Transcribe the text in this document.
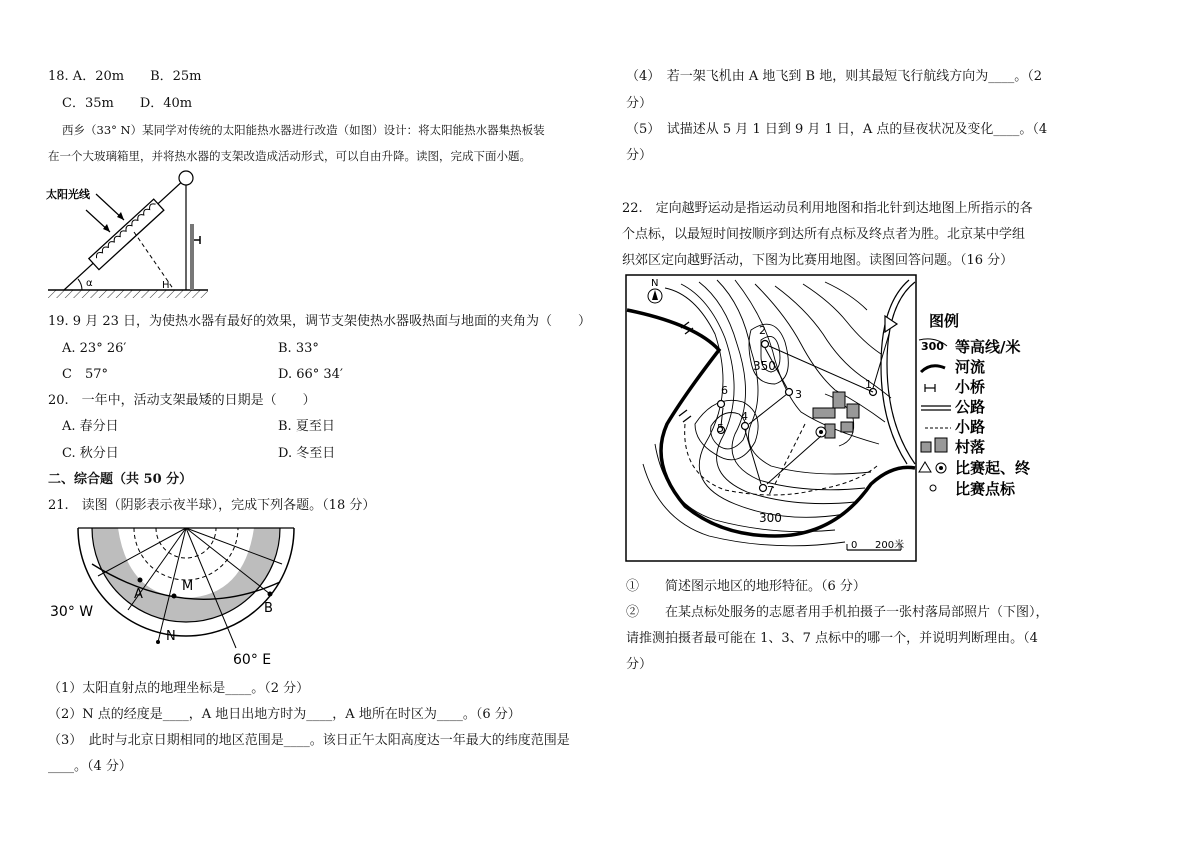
18. A．20m　　B．25m
C．35m　　D．40m
西乡（33° N）某同学对传统的太阳能热水器进行改造（如图）设计：将太阳能热水器集热板装
在一个大玻璃箱里，并将热水器的支架改造成活动形式，可以自由升降。读图，完成下面小题。
太阳光线
α	H
19. 9 月 23 日，为使热水器有最好的效果，调节支架使热水器吸热面与地面的夹角为（　　）
A. 23° 26′	B. 33°
C　57°	D. 66° 34′
20.　一年中，活动支架最矮的日期是（　　）
A. 春分日	B. 夏至日
C. 秋分日	D. 冬至日
二、综合题（共 50 分）
21.　读图（阴影表示夜半球），完成下列各题。（18 分）
30° W
60° E
A
M
B
N
（1）太阳直射点的地理坐标是____。（2 分）
（2）N 点的经度是____，A 地日出地方时为____，A 地所在时区为____。（6 分）
（3）　此时与北京日期相同的地区范围是____。该日正午太阳高度达一年最大的纬度范围是
____。（4 分）
（4）　若一架飞机由 A 地飞到 B 地，则其最短飞行航线方向为____。（2
分）
（5）　试描述从 5 月 1 日到 9 月 1 日，A 点的昼夜状况及变化____。（4
分）
22.　定向越野运动是指运动员利用地图和指北针到达地图上所指示的各
个点标，以最短时间按顺序到达所有点标及终点者为胜。北京某中学组
织郊区定向越野活动，下图为比赛用地图。读图回答问题。（16 分）
N
350
300
1
2
3
4
5
6
7
0 200米
图例
300 等高线/米
河流
小桥
公路
小路
村落
比赛起、终
比赛点标
①　　简述图示地区的地形特征。（6 分）
②　　在某点标处服务的志愿者用手机拍摄子一张村落局部照片（下图），
请推测拍摄者最可能在 1、3、7 点标中的哪一个，并说明判断理由。（4
分）
